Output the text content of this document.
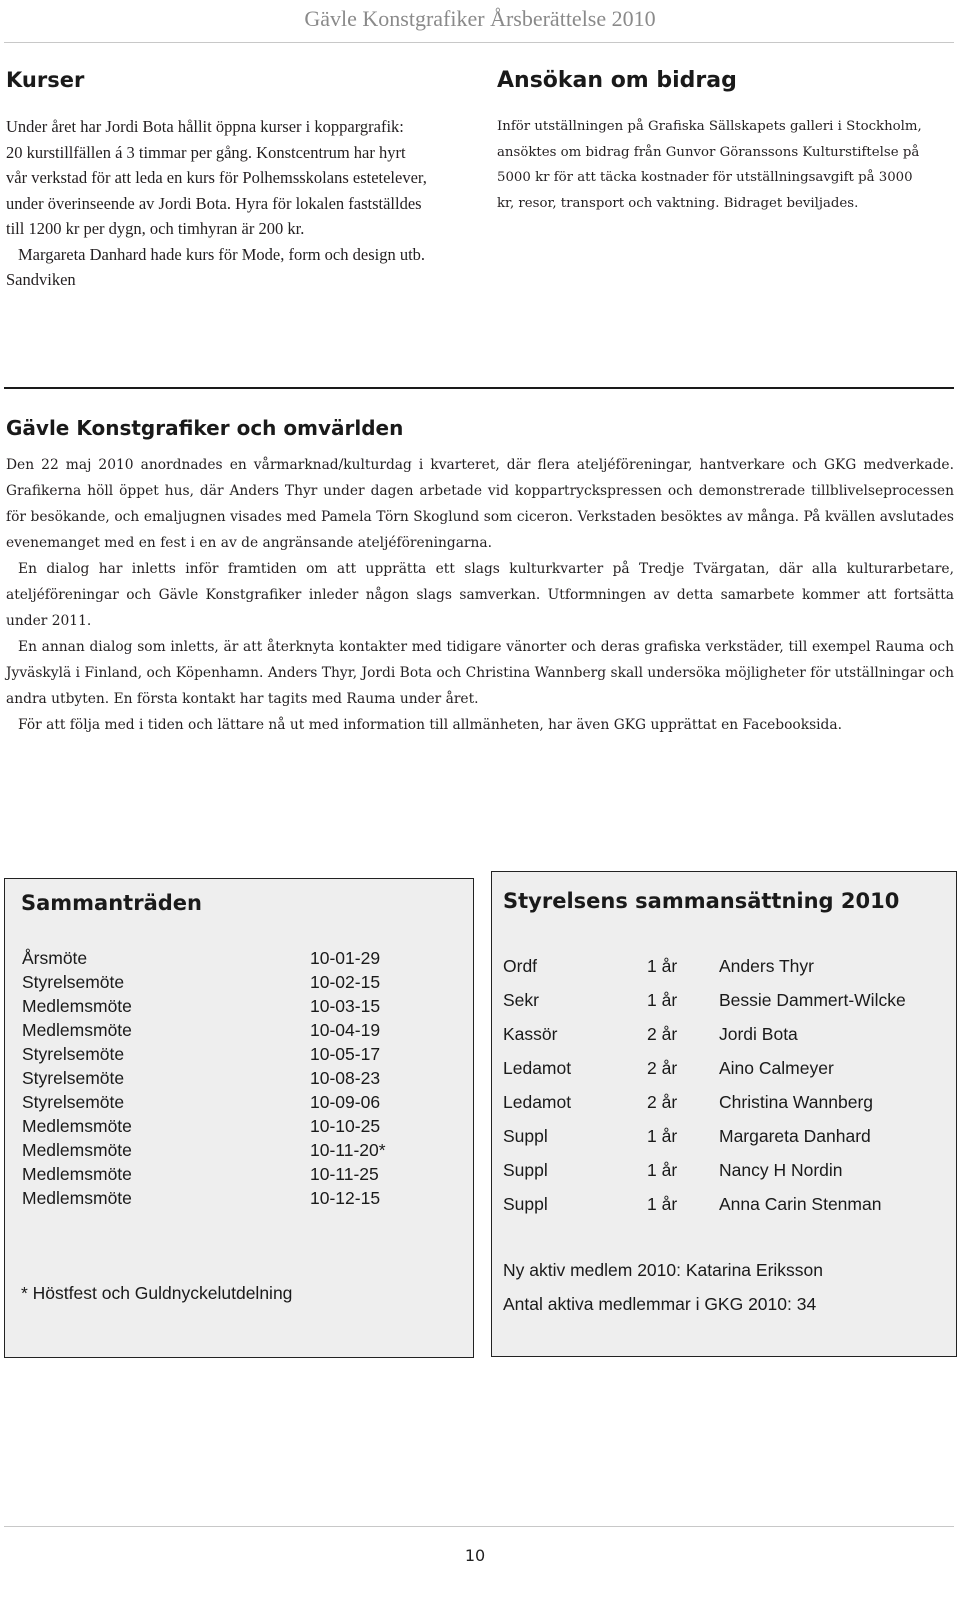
Gävle Konstgrafiker Årsberättelse 2010
Kurser

Under året har Jordi Bota hållit öppna kurser i koppargrafik:

20 kurstillfällen á 3 timmar per gång. Konstcentrum har hyrt

vår verkstad för att leda en kurs för Polhemsskolans estetelever,

under överinseende av Jordi Bota. Hyra för lokalen fastställdes

till 1200 kr per dygn, och timhyran är 200 kr.

Margareta Danhard hade kurs för Mode, form och design utb.

Sandviken

Ansökan om bidrag

Inför utställningen på Grafiska Sällskapets galleri i Stockholm,

ansöktes om bidrag från Gunvor Göranssons Kulturstiftelse på

5000 kr för att täcka kostnader för utställningsavgift på 3000

kr, resor, transport och vaktning. Bidraget beviljades.

Gävle Konstgrafiker och omvärlden

Den 22 maj 2010 anordnades en vårmarknad/kulturdag i kvarteret, där flera ateljéföreningar, hantverkare och GKG medverkade. Grafikerna höll öppet hus, där Anders Thyr under dagen arbetade vid koppartryckspressen och demonstrerade tillblivelseprocessen för besökande, och emaljugnen visades med Pamela Törn Skoglund som ciceron. Verkstaden besöktes av många. På kvällen avslutades evenemanget med en fest i en av de angränsande ateljéföreningarna.

En dialog har inletts inför framtiden om att upprätta ett slags kulturkvarter på Tredje Tvärgatan, där alla kulturarbetare, ateljéföreningar och Gävle Konstgrafiker inleder någon slags samverkan. Utformningen av detta samarbete kommer att fortsätta under 2011.

En annan dialog som inletts, är att återknyta kontakter med tidigare vänorter och deras grafiska verkstäder, till exempel Rauma och Jyväskylä i Finland, och Köpenhamn. Anders Thyr, Jordi Bota och Christina Wannberg skall undersöka möjligheter för utställningar och andra utbyten. En första kontakt har tagits med Rauma under året.

För att följa med i tiden och lättare nå ut med information till allmänheten, har även GKG upprättat en Facebooksida.

Sammanträden
Årsmöte	10-01-29
Styrelsemöte	10-02-15
Medlemsmöte	10-03-15
Medlemsmöte	10-04-19
Styrelsemöte	10-05-17
Styrelsemöte	10-08-23
Styrelsemöte	10-09-06
Medlemsmöte	10-10-25
Medlemsmöte	10-11-20*
Medlemsmöte	10-11-25
Medlemsmöte	10-12-15
* Höstfest och Guldnyckelutdelning
Styrelsens sammansättning 2010
Ordf	1 år Anders Thyr
Sekr	1 år Bessie Dammert-Wilcke
Kassör	2 år Jordi Bota
Ledamot	2 år Aino Calmeyer
Ledamot	2 år Christina Wannberg
Suppl	1 år Margareta Danhard
Suppl	1 år Nancy H Nordin
Suppl	1 år Anna Carin Stenman
Ny aktiv medlem 2010: Katarina Eriksson
Antal aktiva medlemmar i GKG 2010: 34
10
